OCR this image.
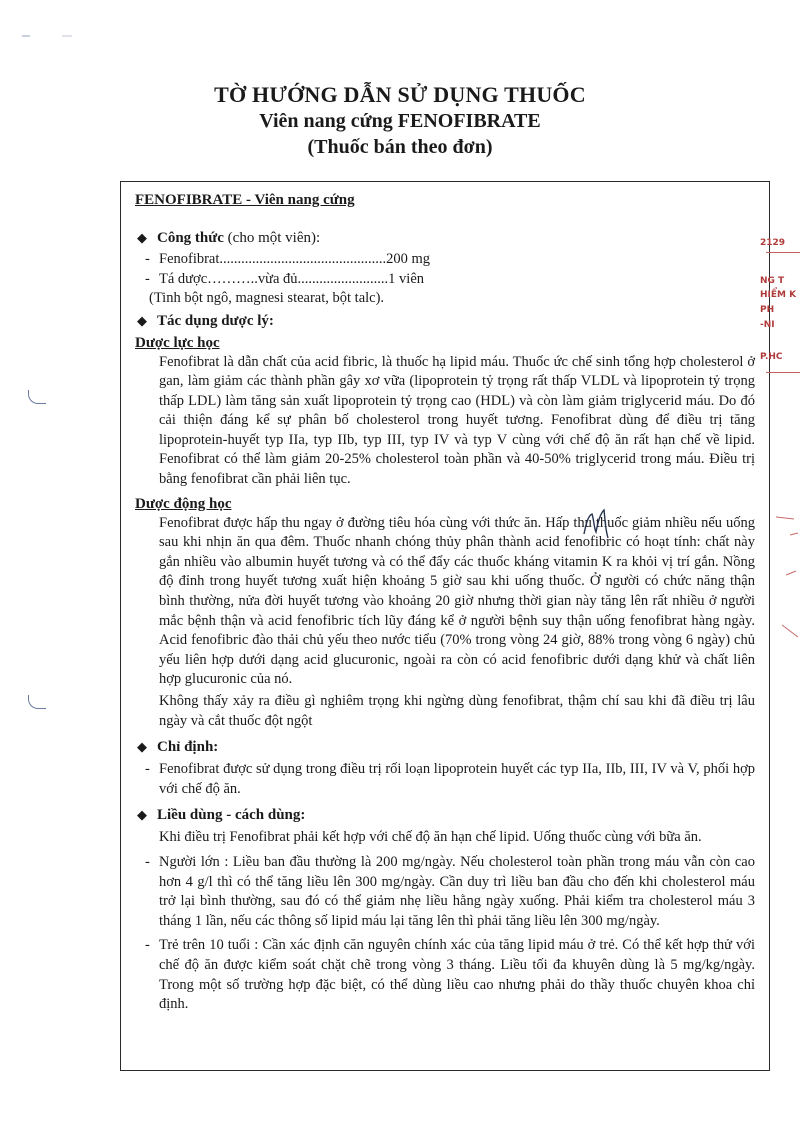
TỜ HƯỚNG DẪN SỬ DỤNG THUỐC
Viên nang cứng FENOFIBRATE
(Thuốc bán theo đơn)
FENOFIBRATE - Viên nang cứng
◆ Công thức (cho một viên):
- Fenofibrat..............................................200 mg
- Tá dược………..vừa đủ.........................1 viên
(Tinh bột ngô, magnesi stearat, bột talc).
◆ Tác dụng dược lý:
Dược lực học
Fenofibrat là dẫn chất của acid fibric, là thuốc hạ lipid máu. Thuốc ức chế sinh tổng hợp cholesterol ở gan, làm giảm các thành phần gây xơ vữa (lipoprotein tỷ trọng rất thấp VLDL và lipoprotein tỷ trọng thấp LDL) làm tăng sản xuất lipoprotein tỷ trọng cao (HDL) và còn làm giảm triglycerid máu. Do đó cải thiện đáng kể sự phân bố cholesterol trong huyết tương. Fenofibrat dùng để điều trị tăng lipoprotein-huyết typ IIa, typ IIb, typ III, typ IV và typ V cùng với chế độ ăn rất hạn chế về lipid. Fenofibrat có thể làm giảm 20-25% cholesterol toàn phần và 40-50% triglycerid trong máu. Điều trị bằng fenofibrat cần phải liên tục.
Dược động học
Fenofibrat được hấp thu ngay ở đường tiêu hóa cùng với thức ăn. Hấp thu thuốc giảm nhiều nếu uống sau khi nhịn ăn qua đêm. Thuốc nhanh chóng thủy phân thành acid fenofibric có hoạt tính: chất này gắn nhiều vào albumin huyết tương và có thể đẩy các thuốc kháng vitamin K ra khỏi vị trí gắn. Nồng độ đỉnh trong huyết tương xuất hiện khoảng 5 giờ sau khi uống thuốc. Ở người có chức năng thận bình thường, nửa đời huyết tương vào khoảng 20 giờ nhưng thời gian này tăng lên rất nhiều ở người mắc bệnh thận và acid fenofibric tích lũy đáng kể ở người bệnh suy thận uống fenofibrat hàng ngày. Acid fenofibric đào thải chủ yếu theo nước tiểu (70% trong vòng 24 giờ, 88% trong vòng 6 ngày) chủ yếu liên hợp dưới dạng acid glucuronic, ngoài ra còn có acid fenofibric dưới dạng khử và chất liên hợp glucuronic của nó.
Không thấy xảy ra điều gì nghiêm trọng khi ngừng dùng fenofibrat, thậm chí sau khi đã điều trị lâu ngày và cắt thuốc đột ngột
◆ Chỉ định:
- Fenofibrat được sử dụng trong điều trị rối loạn lipoprotein huyết các typ IIa, IIb, III, IV và V, phối hợp với chế độ ăn.
◆ Liều dùng - cách dùng:
Khi điều trị Fenofibrat phải kết hợp với chế độ ăn hạn chế lipid. Uống thuốc cùng với bữa ăn.
- Người lớn : Liều ban đầu thường là 200 mg/ngày. Nếu cholesterol toàn phần trong máu vẫn còn cao hơn 4 g/l thì có thể tăng liều lên 300 mg/ngày. Cần duy trì liều ban đầu cho đến khi cholesterol máu trở lại bình thường, sau đó có thể giảm nhẹ liều hằng ngày xuống. Phải kiểm tra cholesterol máu 3 tháng 1 lần, nếu các thông số lipid máu lại tăng lên thì phải tăng liều lên 300 mg/ngày.
- Trẻ trên 10 tuổi : Cần xác định căn nguyên chính xác của tăng lipid máu ở trẻ. Có thể kết hợp thử với chế độ ăn được kiểm soát chặt chẽ trong vòng 3 tháng. Liều tối đa khuyên dùng là 5 mg/kg/ngày. Trong một số trường hợp đặc biệt, có thể dùng liều cao nhưng phải do thầy thuốc chuyên khoa chỉ định.
2129
NG T
HIỂM K
PH
-NI
P.HC
